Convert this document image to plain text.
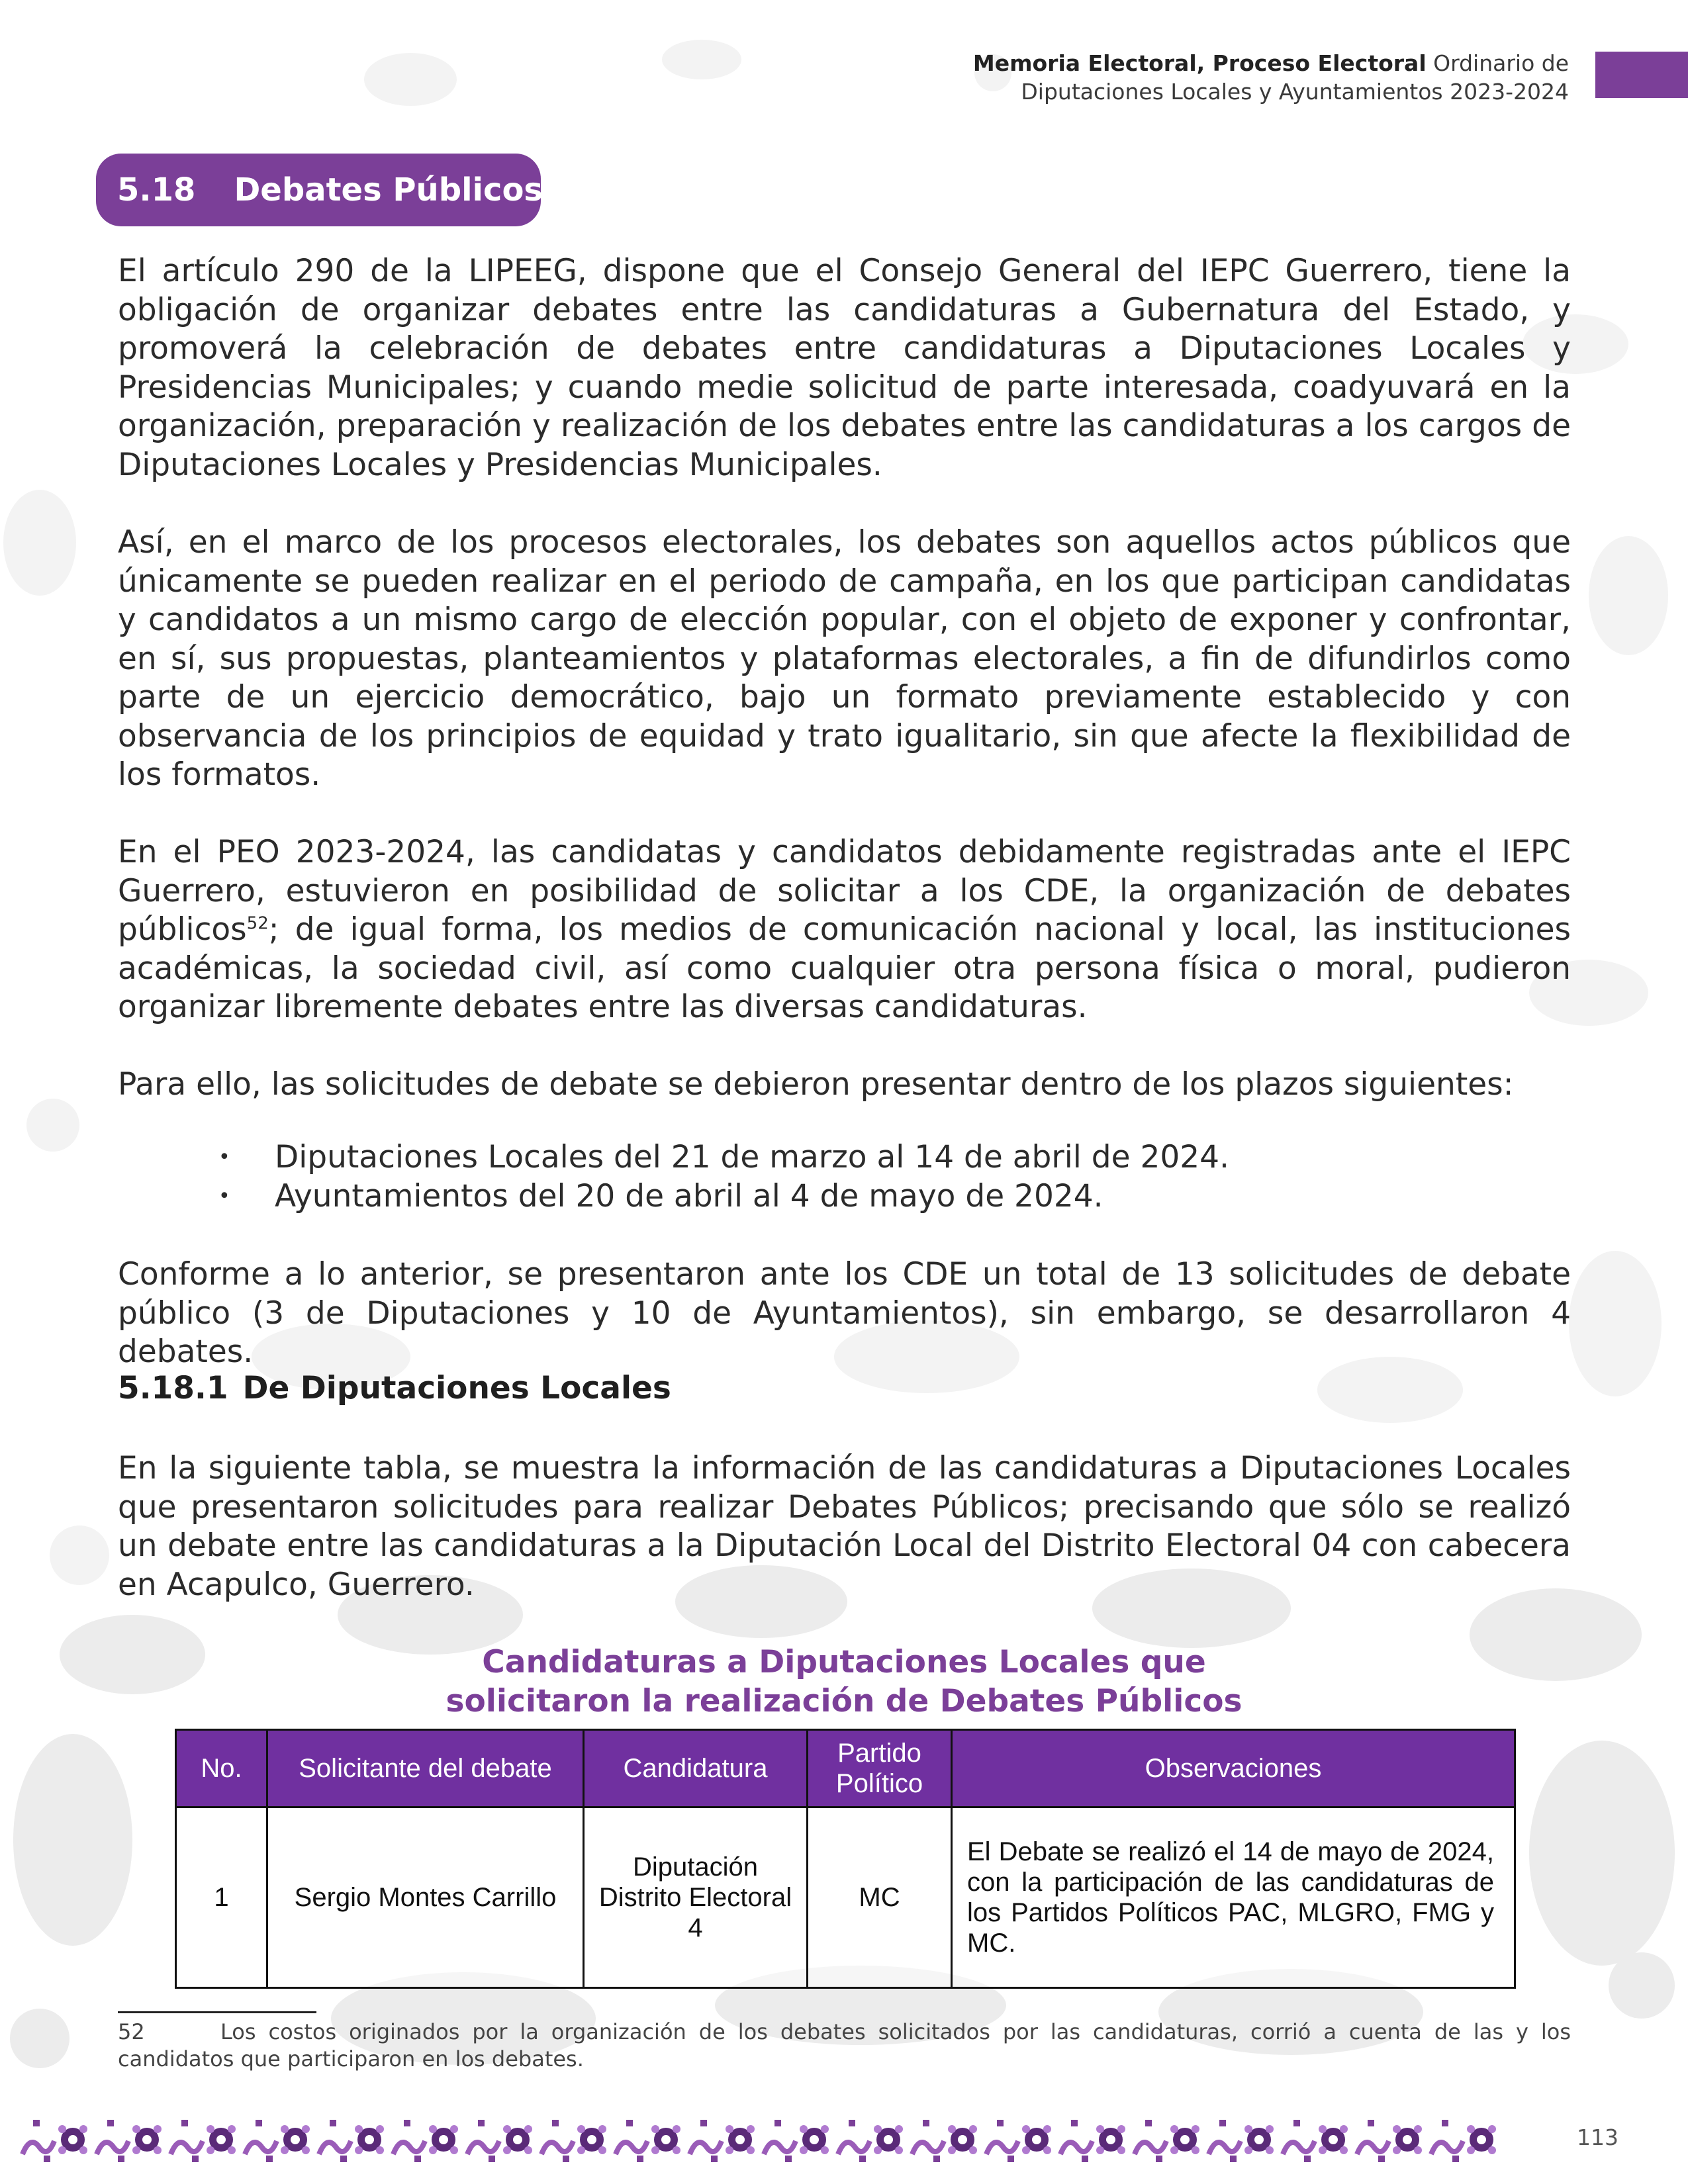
Memoria Electoral, Proceso Electoral Ordinario de
Diputaciones Locales y Ayuntamientos 2023-2024
5.18 Debates Públicos

El artículo 290 de la LIPEEG, dispone que el Consejo General del IEPC Guerrero, tiene la obligación de organizar debates entre las candidaturas a Gubernatura del Estado, y promoverá la celebración de debates entre candidaturas a Diputaciones Locales y Presidencias Municipales; y cuando medie solicitud de parte interesada, coadyuvará en la organización, preparación y realización de los debates entre las candidaturas a los cargos de Diputaciones Locales y Presidencias Municipales.

Así, en el marco de los procesos electorales, los debates son aquellos actos públicos que únicamente se pueden realizar en el periodo de campaña, en los que participan candidatas y candidatos a un mismo cargo de elección popular, con el objeto de exponer y confrontar, en sí, sus propuestas, planteamientos y plataformas electorales, a fin de difundirlos como parte de un ejercicio democrático, bajo un formato previamente establecido y con observancia de los principios de equidad y trato igualitario, sin que afecte la flexibilidad de los formatos.

En el PEO 2023-2024, las candidatas y candidatos debidamente registradas ante el IEPC Guerrero, estuvieron en posibilidad de solicitar a los CDE, la organización de debates públicos$^{52}$; de igual forma, los medios de comunicación nacional y local, las instituciones académicas, la sociedad civil, así como cualquier otra persona física o moral, pudieron organizar libremente debates entre las diversas candidaturas.

Para ello, las solicitudes de debate se debieron presentar dentro de los plazos siguientes:

• Diputaciones Locales del 21 de marzo al 14 de abril de 2024.
• Ayuntamientos del 20 de abril al 4 de mayo de 2024.

Conforme a lo anterior, se presentaron ante los CDE un total de 13 solicitudes de debate público (3 de Diputaciones y 10 de Ayuntamientos), sin embargo, se desarrollaron 4 debates.

5.18.1 De Diputaciones Locales

En la siguiente tabla, se muestra la información de las candidaturas a Diputaciones Locales que presentaron solicitudes para realizar Debates Públicos; precisando que sólo se realizó un debate entre las candidaturas a la Diputación Local del Distrito Electoral 04 con cabecera en Acapulco, Guerrero.

Candidaturas a Diputaciones Locales que
solicitaron la realización de Debates Públicos
No.	Solicitante del debate	Candidatura	Partido Político	Observaciones
1	Sergio Montes Carrillo	Diputación Distrito Electoral 4	MC	El Debate se realizó el 14 de mayo de 2024, con la participación de las candidaturas de los Partidos Políticos PAC, MLGRO, FMG y MC.

52	Los costos originados por la organización de los debates solicitados por las candidaturas, corrió a cuenta de las y los candidatos que participaron en los debates.

113
